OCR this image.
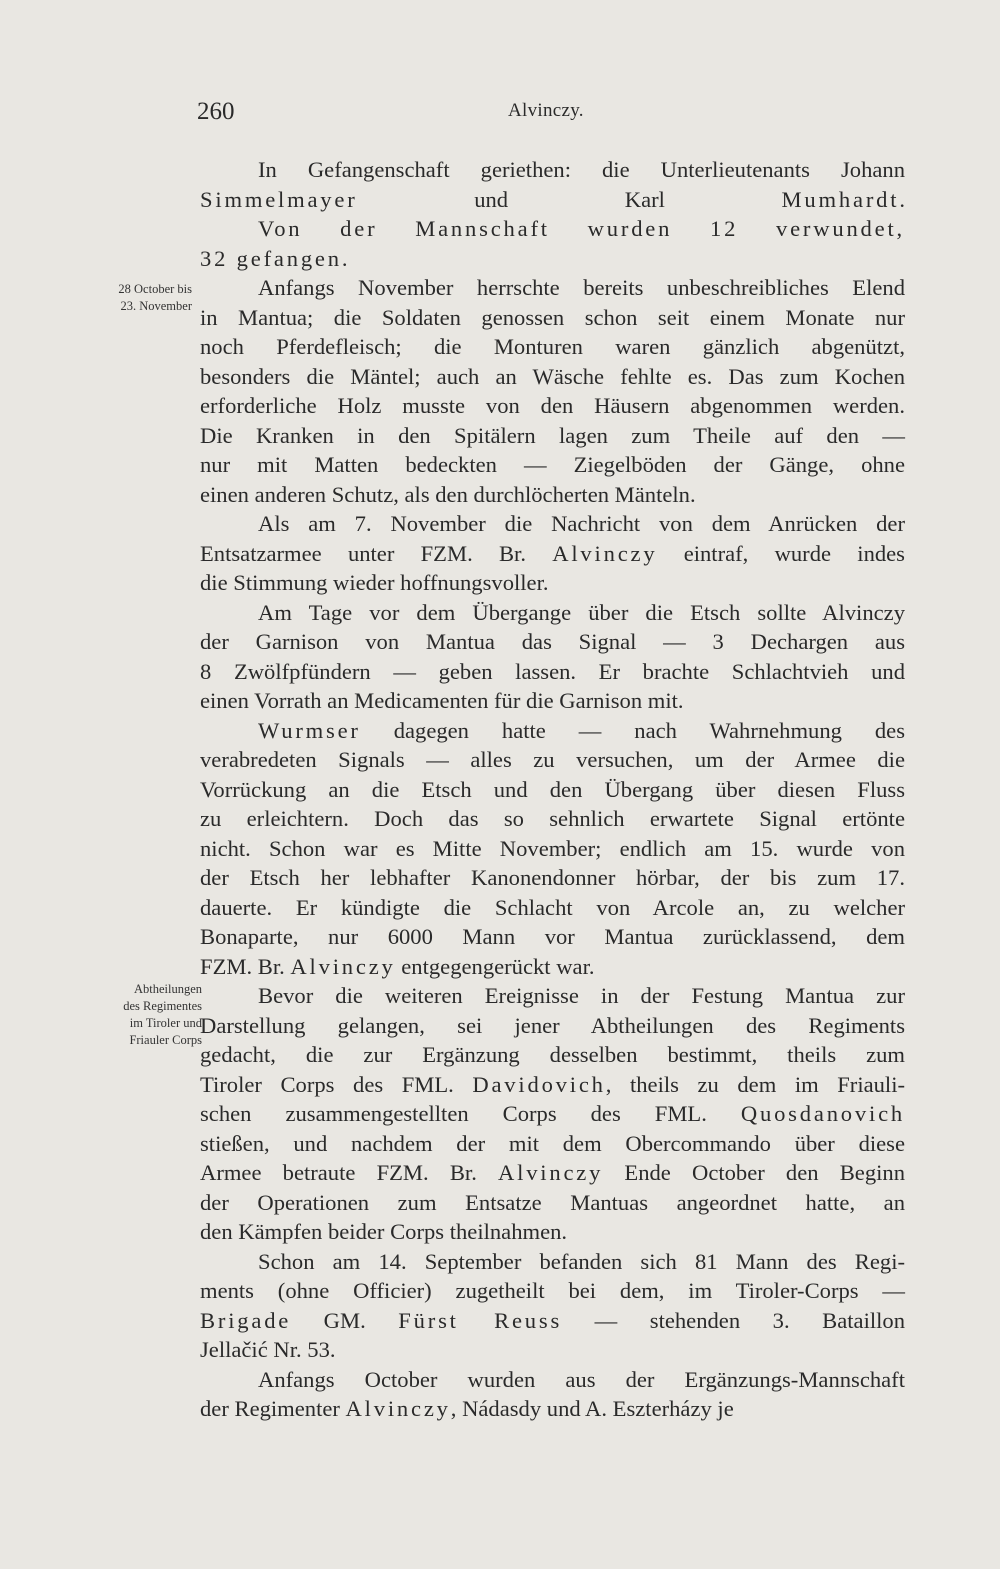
260	Alvinczy.
28 October bis
23. November
Abtheilungen
des Regimentes
im Tiroler und
Friauler Corps
In Gefangenschaft geriethen: die Unterlieutenants Johann
Simmelmayer und Karl Mumhardt.
Von der Mannschaft wurden 12 verwundet,
32 gefangen.
Anfangs November herrschte bereits unbeschreibliches Elend
in Mantua; die Soldaten genossen schon seit einem Monate nur
noch Pferdefleisch; die Monturen waren gänzlich abgenützt,
besonders die Mäntel; auch an Wäsche fehlte es. Das zum Kochen
erforderliche Holz musste von den Häusern abgenommen werden.
Die Kranken in den Spitälern lagen zum Theile auf den —
nur mit Matten bedeckten — Ziegelböden der Gänge, ohne
einen anderen Schutz, als den durchlöcherten Mänteln.
Als am 7. November die Nachricht von dem Anrücken der
Entsatzarmee unter FZM. Br. Alvinczy eintraf, wurde indes
die Stimmung wieder hoffnungsvoller.
Am Tage vor dem Übergange über die Etsch sollte Alvinczy
der Garnison von Mantua das Signal — 3 Dechargen aus
8 Zwölfpfündern — geben lassen. Er brachte Schlachtvieh und
einen Vorrath an Medicamenten für die Garnison mit.
Wurmser dagegen hatte — nach Wahrnehmung des
verabredeten Signals — alles zu versuchen, um der Armee die
Vorrückung an die Etsch und den Übergang über diesen Fluss
zu erleichtern. Doch das so sehnlich erwartete Signal ertönte
nicht. Schon war es Mitte November; endlich am 15. wurde von
der Etsch her lebhafter Kanonendonner hörbar, der bis zum 17.
dauerte. Er kündigte die Schlacht von Arcole an, zu welcher
Bonaparte, nur 6000 Mann vor Mantua zurücklassend, dem
FZM. Br. Alvinczy entgegengerückt war.
Bevor die weiteren Ereignisse in der Festung Mantua zur
Darstellung gelangen, sei jener Abtheilungen des Regiments
gedacht, die zur Ergänzung desselben bestimmt, theils zum
Tiroler Corps des FML. Davidovich, theils zu dem im Friauli-
schen zusammengestellten Corps des FML. Quosdanovich
stießen, und nachdem der mit dem Obercommando über diese
Armee betraute FZM. Br. Alvinczy Ende October den Beginn
der Operationen zum Entsatze Mantuas angeordnet hatte, an
den Kämpfen beider Corps theilnahmen.
Schon am 14. September befanden sich 81 Mann des Regi-
ments (ohne Officier) zugetheilt bei dem, im Tiroler-Corps —
Brigade GM. Fürst Reuss — stehenden 3. Bataillon
Jellačić Nr. 53.
Anfangs October wurden aus der Ergänzungs-Mannschaft
der Regimenter Alvinczy, Nádasdy und A. Eszterházy je
